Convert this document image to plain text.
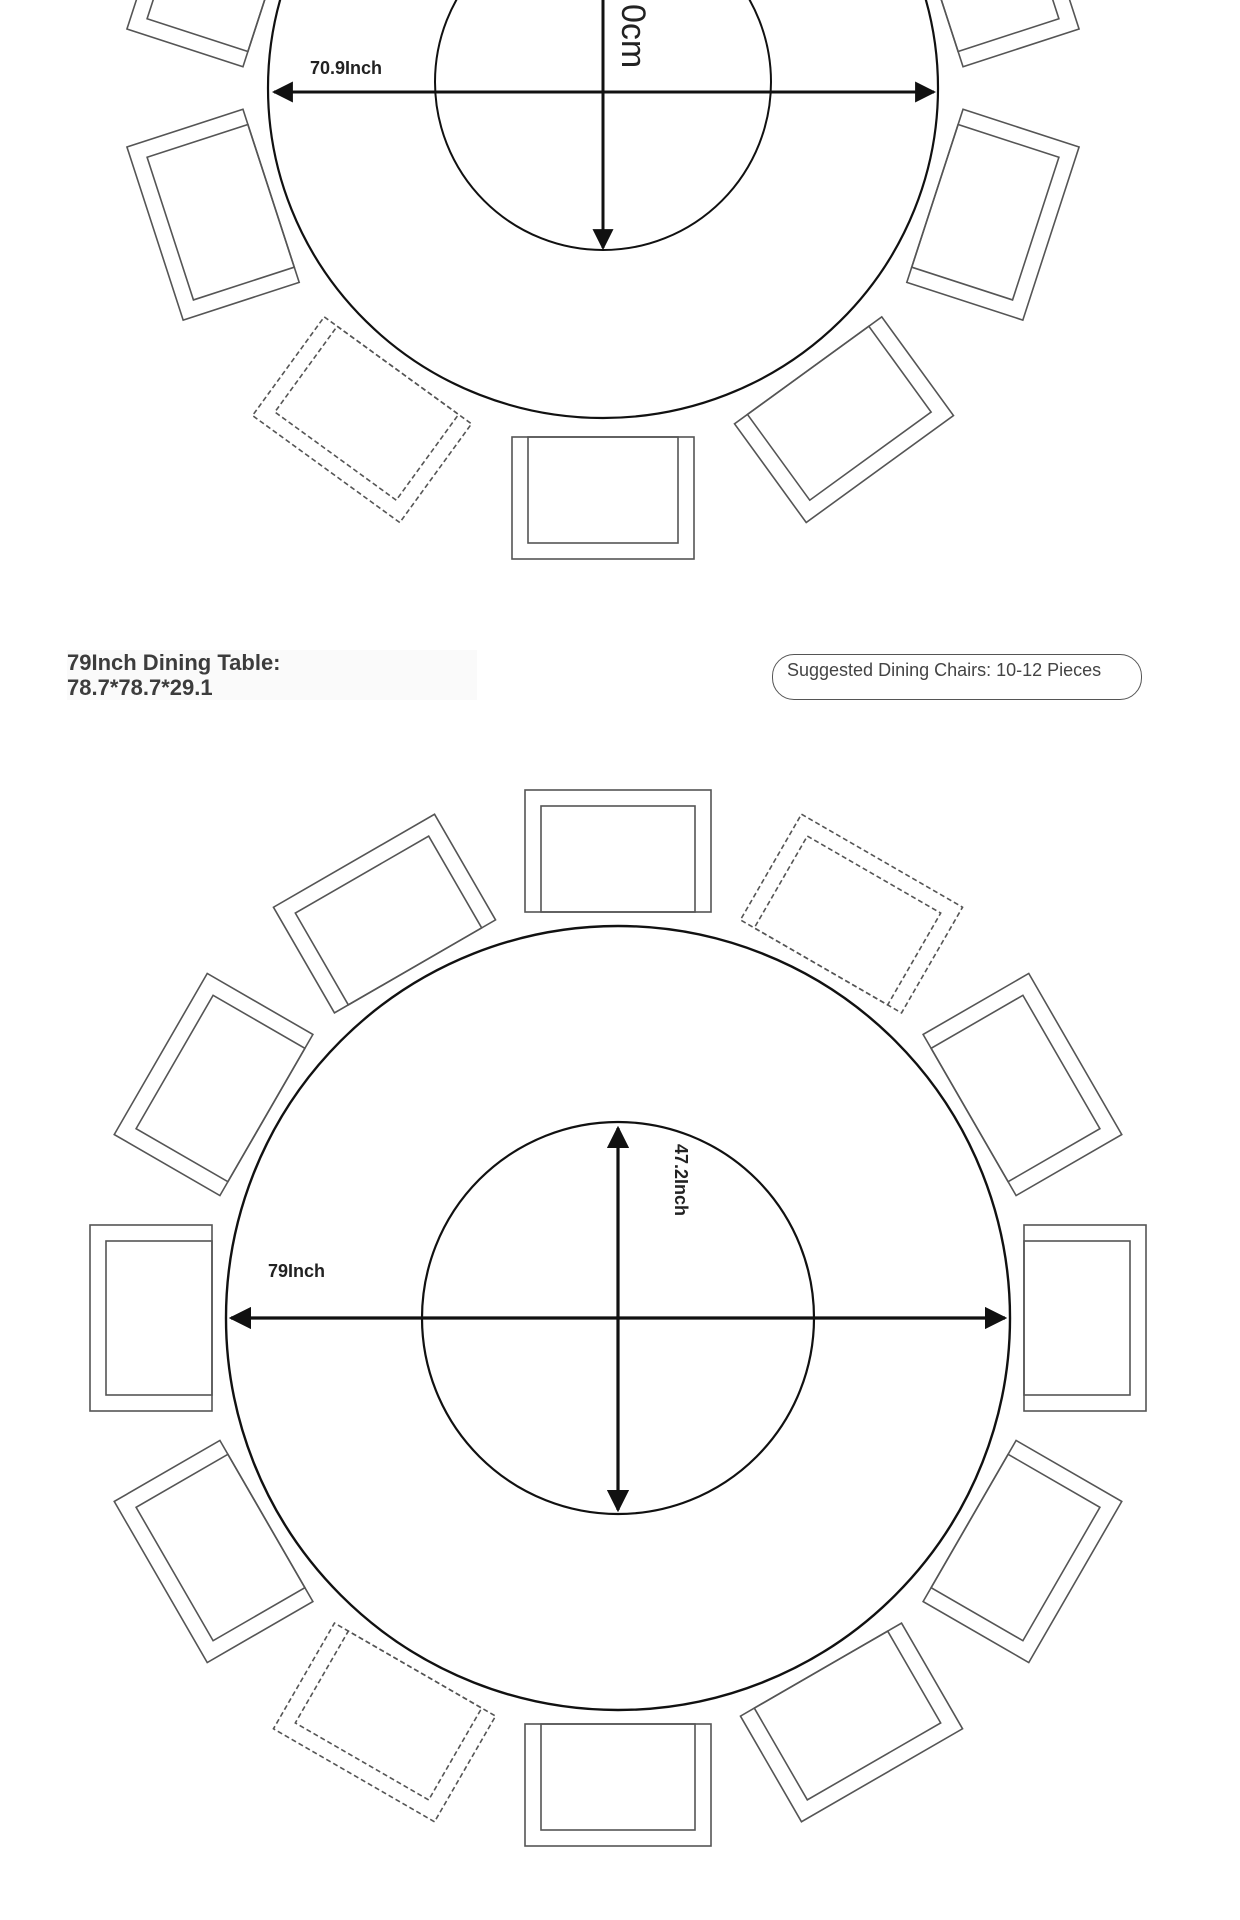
70.9Inch	0cm
79Inch Dining Table:
78.7*78.7*29.1
Suggested Dining Chairs: 10-12 Pieces
79Inch
47.2Inch
